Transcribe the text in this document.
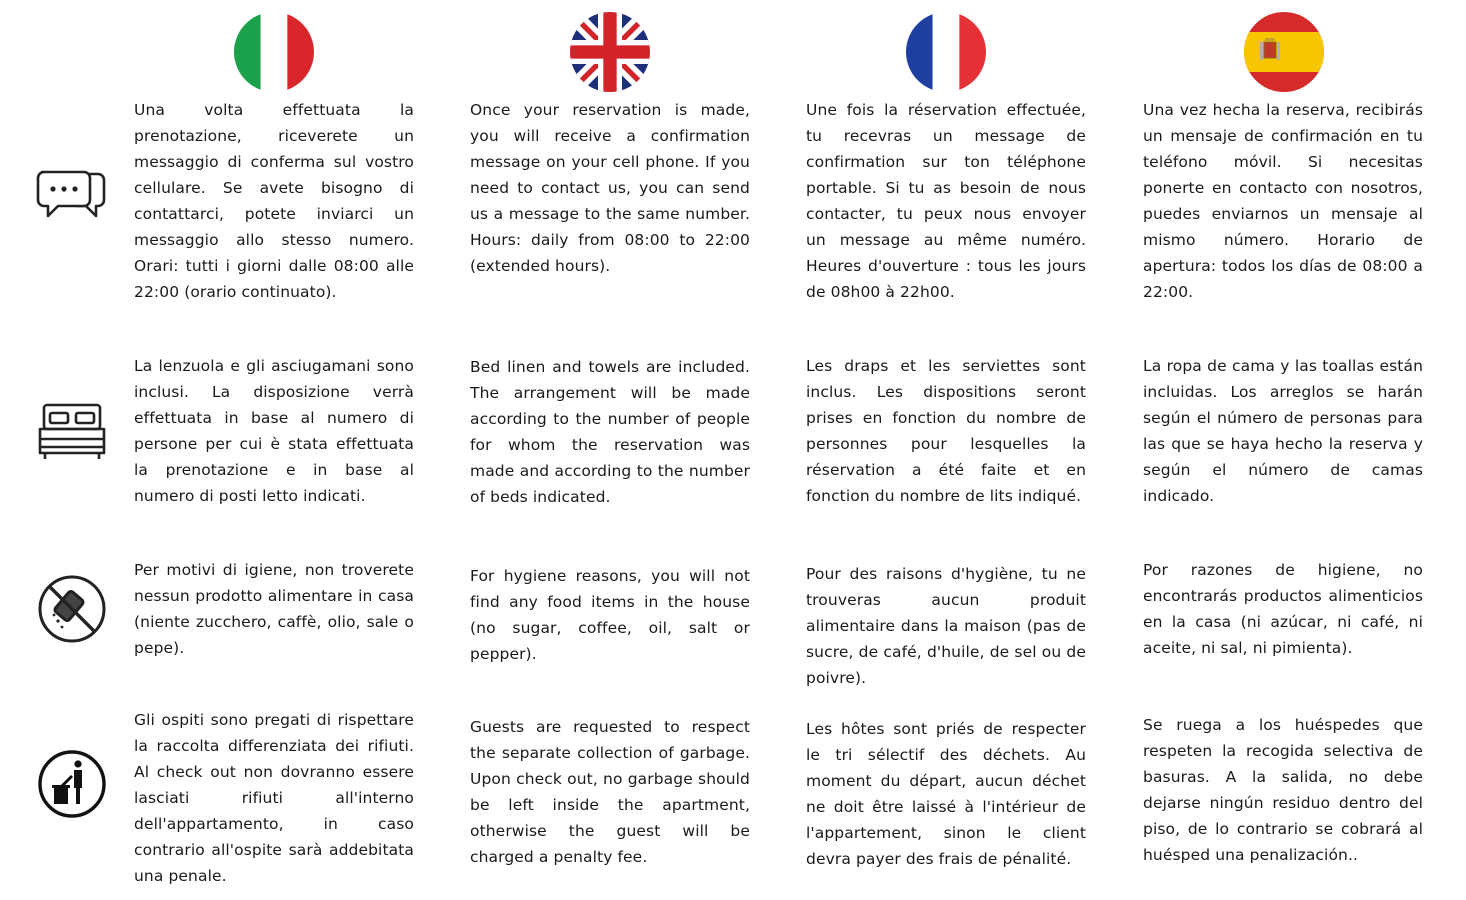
Una volta effettuata la prenotazione, riceverete un messaggio di conferma sul vostro cellulare. Se avete bisogno di contattarci, potete inviarci un messaggio allo stesso numero. Orari: tutti i giorni dalle 08:00 alle 22:00 (orario continuato).
Once your reservation is made, you will receive a confirmation message on your cell phone. If you need to contact us, you can send us a message to the same number. Hours: daily from 08:00 to 22:00 (extended hours).
Une fois la réservation effectuée, tu recevras un message de confirmation sur ton téléphone portable. Si tu as besoin de nous contacter, tu peux nous envoyer un message au même numéro. Heures d'ouverture : tous les jours de 08h00 à 22h00.
Una vez hecha la reserva, recibirás un mensaje de confirmación en tu teléfono móvil. Si necesitas ponerte en contacto con nosotros, puedes enviarnos un mensaje al mismo número. Horario de apertura: todos los días de 08:00 a 22:00.
La lenzuola e gli asciugamani sono inclusi. La disposizione verrà effettuata in base al numero di persone per cui è stata effettuata la prenotazione e in base al numero di posti letto indicati.
Bed linen and towels are included. The arrangement will be made according to the number of people for whom the reservation was made and according to the number of beds indicated.
Les draps et les serviettes sont inclus. Les dispositions seront prises en fonction du nombre de personnes pour lesquelles la réservation a été faite et en fonction du nombre de lits indiqué.
La ropa de cama y las toallas están incluidas. Los arreglos se harán según el número de personas para las que se haya hecho la reserva y según el número de camas indicado.
Per motivi di igiene, non troverete nessun prodotto alimentare in casa (niente zucchero, caffè, olio, sale o pepe).
For hygiene reasons, you will not find any food items in the house (no sugar, coffee, oil, salt or pepper).
Pour des raisons d'hygiène, tu ne trouveras aucun produit alimentaire dans la maison (pas de sucre, de café, d'huile, de sel ou de poivre).
Por razones de higiene, no encontrarás productos alimenticios en la casa (ni azúcar, ni café, ni aceite, ni sal, ni pimienta).
Gli ospiti sono pregati di rispettare la raccolta differenziata dei rifiuti. Al check out non dovranno essere lasciati rifiuti all'interno dell'appartamento, in caso contrario all'ospite sarà addebitata una penale.
Guests are requested to respect the separate collection of garbage. Upon check out, no garbage should be left inside the apartment, otherwise the guest will be charged a penalty fee.
Les hôtes sont priés de respecter le tri sélectif des déchets. Au moment du départ, aucun déchet ne doit être laissé à l'intérieur de l'appartement, sinon le client devra payer des frais de pénalité.
Se ruega a los huéspedes que respeten la recogida selectiva de basuras. A la salida, no debe dejarse ningún residuo dentro del piso, de lo contrario se cobrará al huésped una penalización..
